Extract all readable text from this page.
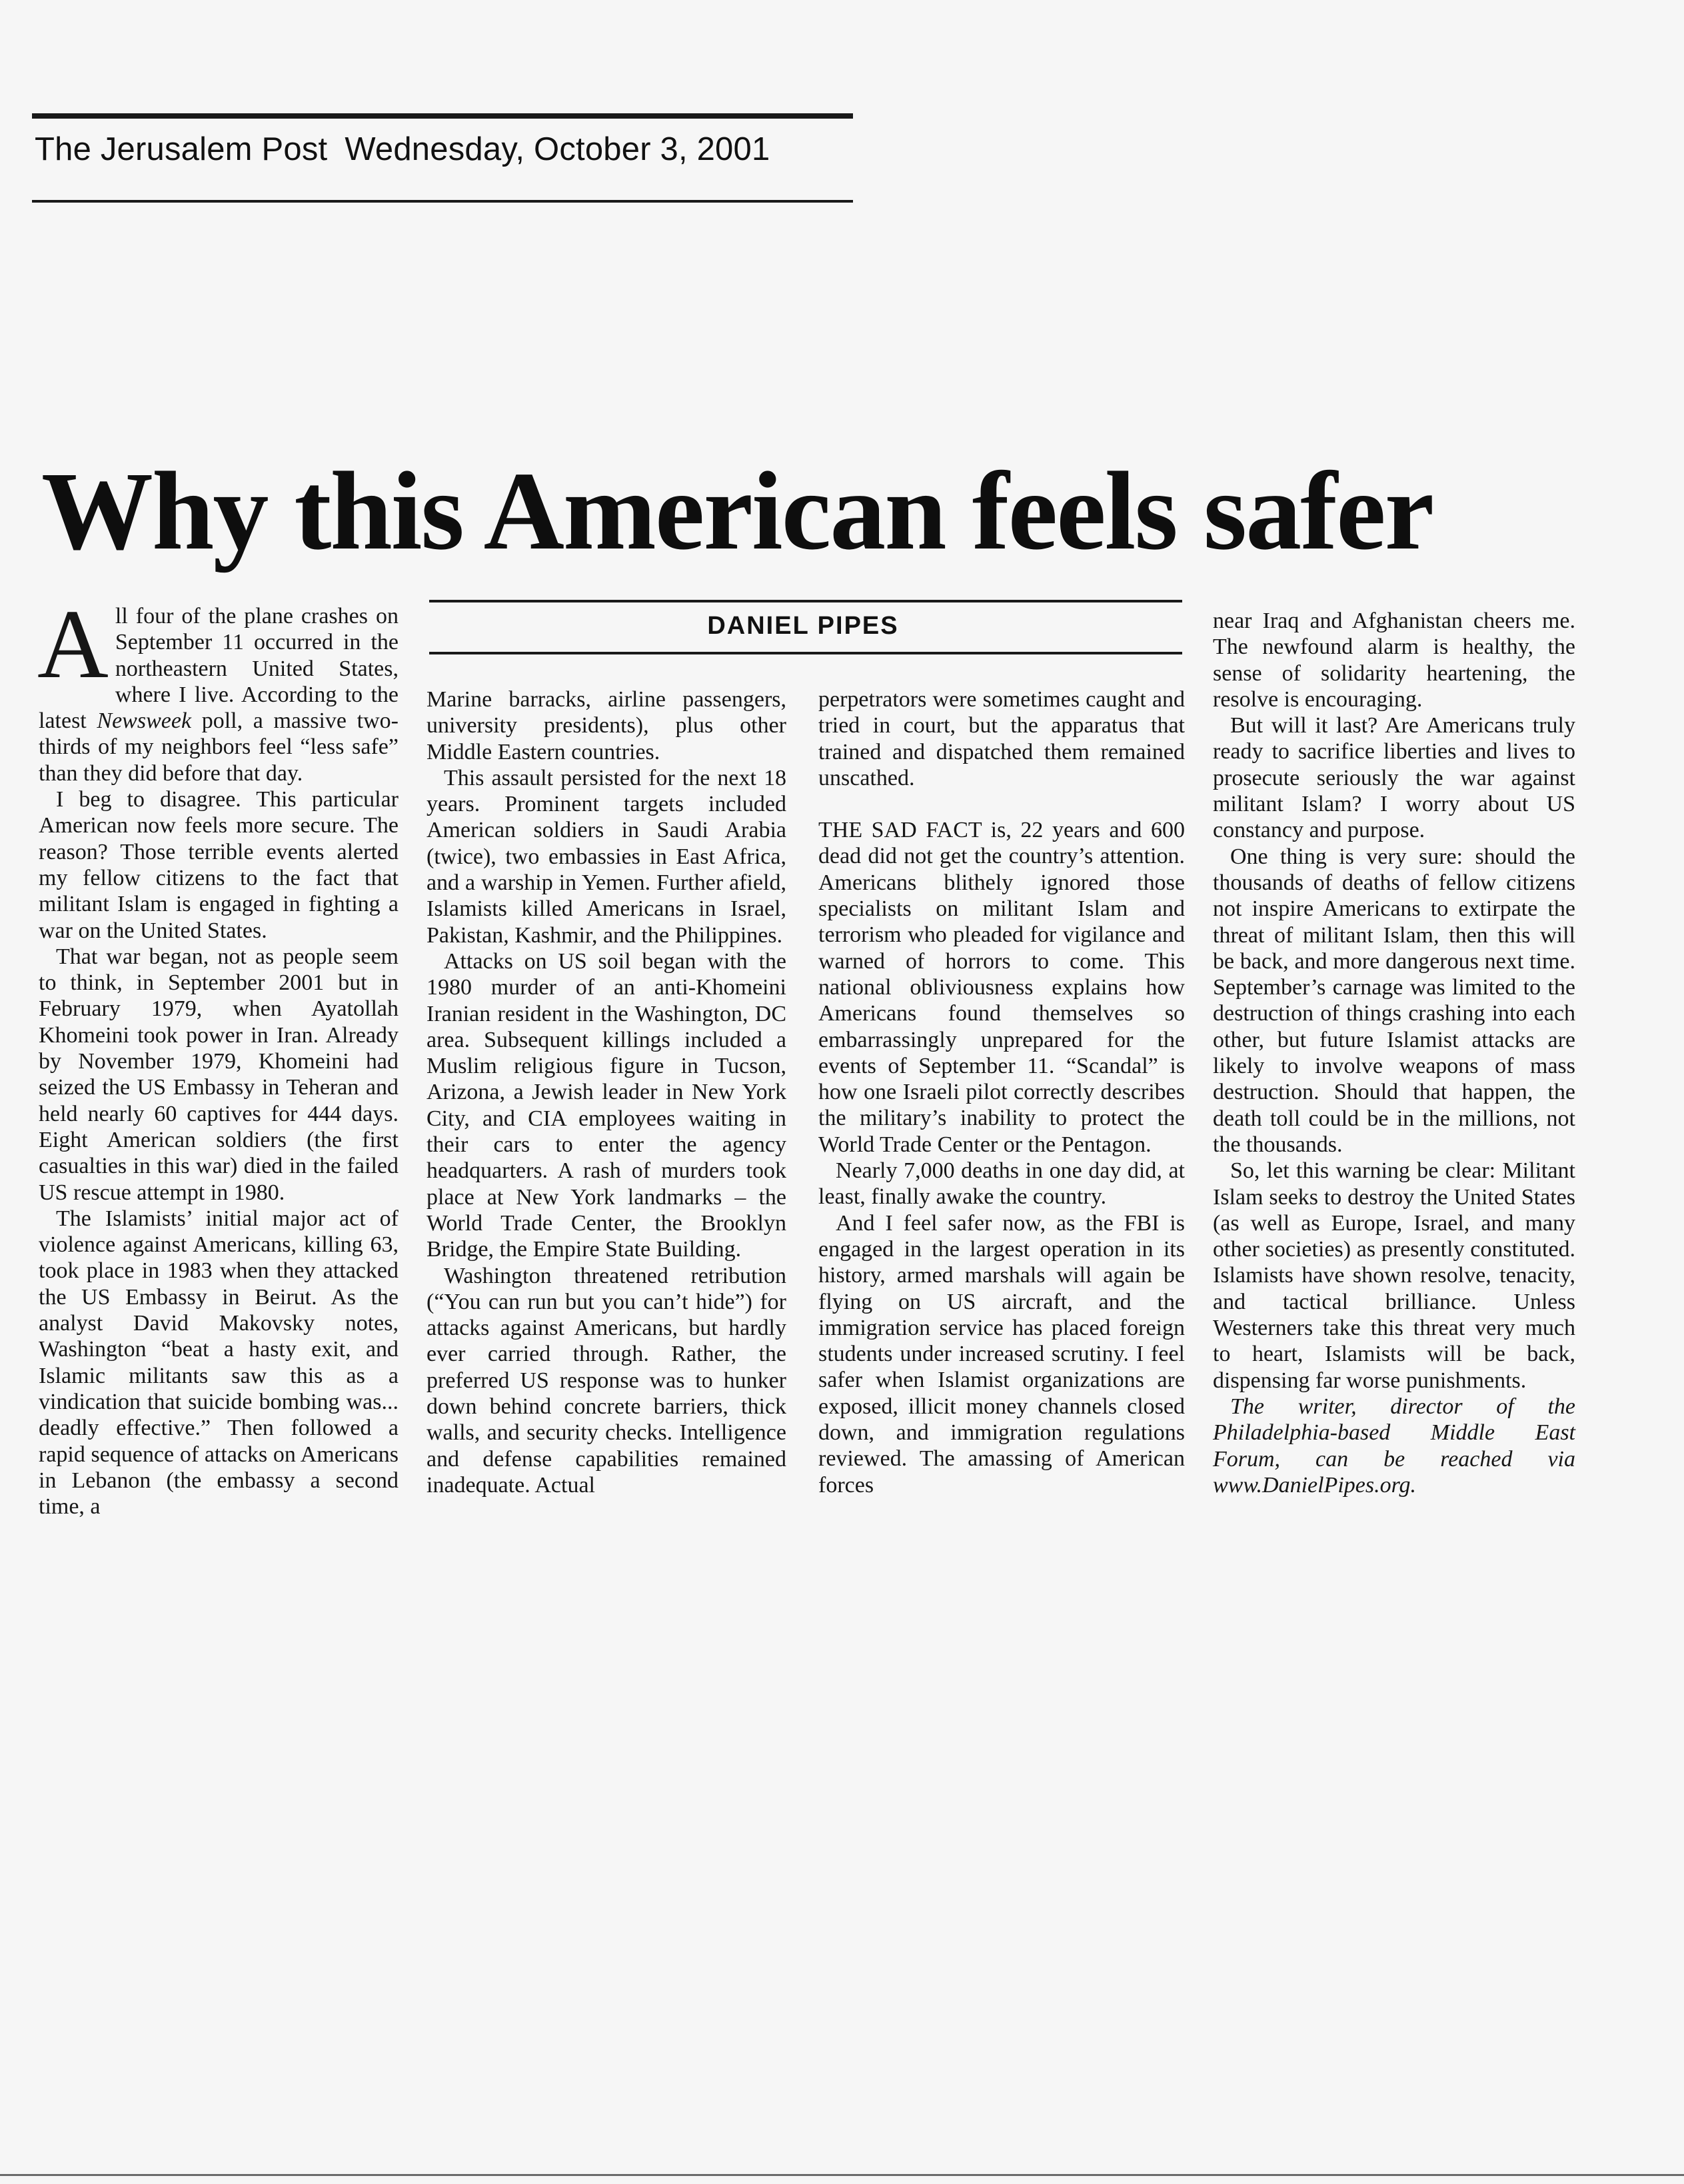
The Jerusalem Post Wednesday, October 3, 2001
Why this American feels safer
DANIEL PIPES

All four of the plane crashes on September 11 occurred in the northeastern United States, where I live. According to the latest Newsweek poll, a massive two-thirds of my neighbors feel “less safe” than they did before that day.

I beg to disagree. This particular American now feels more secure. The reason? Those terrible events alerted my fellow citizens to the fact that militant Islam is engaged in fighting a war on the United States.

That war began, not as people seem to think, in September 2001 but in February 1979, when Ayatollah Khomeini took power in Iran. Already by November 1979, Khomeini had seized the US Embassy in Teheran and held nearly 60 captives for 444 days. Eight American soldiers (the first casualties in this war) died in the failed US rescue attempt in 1980.

The Islamists’ initial major act of violence against Americans, killing 63, took place in 1983 when they attacked the US Embassy in Beirut. As the analyst David Makovsky notes, Washington “beat a hasty exit, and Islamic militants saw this as a vindication that suicide bombing was... deadly effective.” Then followed a rapid sequence of attacks on Americans in Lebanon (the embassy a second time, a

Marine barracks, airline passengers, university presidents), plus other Middle Eastern countries.

This assault persisted for the next 18 years. Prominent targets included American soldiers in Saudi Arabia (twice), two embassies in East Africa, and a warship in Yemen. Further afield, Islamists killed Americans in Israel, Pakistan, Kashmir, and the Philippines.

Attacks on US soil began with the 1980 murder of an anti-Khomeini Iranian resident in the Washington, DC area. Subsequent killings included a Muslim religious figure in Tucson, Arizona, a Jewish leader in New York City, and CIA employees waiting in their cars to enter the agency headquarters. A rash of murders took place at New York landmarks – the World Trade Center, the Brooklyn Bridge, the Empire State Building.

Washington threatened retribution (“You can run but you can’t hide”) for attacks against Americans, but hardly ever carried through. Rather, the preferred US response was to hunker down behind concrete barriers, thick walls, and security checks. Intelligence and defense capabilities remained inadequate. Actual

perpetrators were sometimes caught and tried in court, but the apparatus that trained and dispatched them remained unscathed.

THE SAD FACT is, 22 years and 600 dead did not get the country’s attention. Americans blithely ignored those specialists on militant Islam and terrorism who pleaded for vigilance and warned of horrors to come. This national obliviousness explains how Americans found themselves so embarrassingly unprepared for the events of September 11. “Scandal” is how one Israeli pilot correctly describes the military’s inability to protect the World Trade Center or the Pentagon.

Nearly 7,000 deaths in one day did, at least, finally awake the country.

And I feel safer now, as the FBI is engaged in the largest operation in its history, armed marshals will again be flying on US aircraft, and the immigration service has placed foreign students under increased scrutiny. I feel safer when Islamist organizations are exposed, illicit money channels closed down, and immigration regulations reviewed. The amassing of American forces

near Iraq and Afghanistan cheers me. The newfound alarm is healthy, the sense of solidarity heartening, the resolve is encouraging.

But will it last? Are Americans truly ready to sacrifice liberties and lives to prosecute seriously the war against militant Islam? I worry about US constancy and purpose.

One thing is very sure: should the thousands of deaths of fellow citizens not inspire Americans to extirpate the threat of militant Islam, then this will be back, and more dangerous next time. September’s carnage was limited to the destruction of things crashing into each other, but future Islamist attacks are likely to involve weapons of mass destruction. Should that happen, the death toll could be in the millions, not the thousands.

So, let this warning be clear: Militant Islam seeks to destroy the United States (as well as Europe, Israel, and many other societies) as presently constituted. Islamists have shown resolve, tenacity, and tactical brilliance. Unless Westerners take this threat very much to heart, Islamists will be back, dispensing far worse punishments.

The writer, director of the Philadelphia-based Middle East Forum, can be reached via www.DanielPipes.org.
